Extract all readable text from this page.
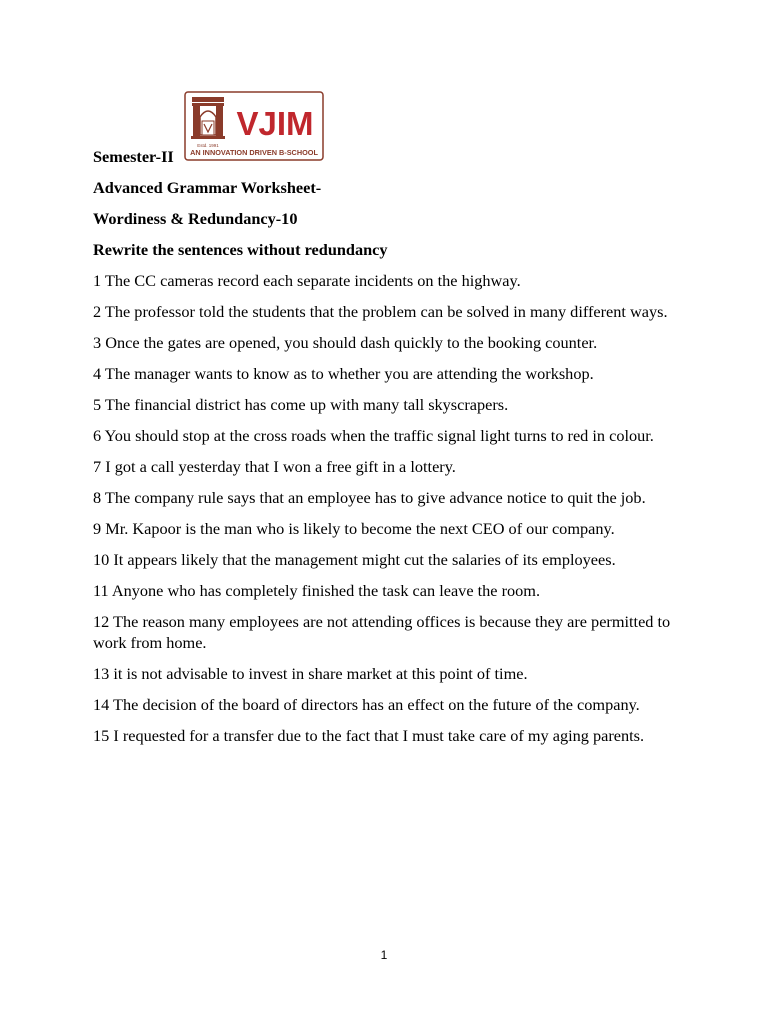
Estd. 1991
VJIM
AN INNOVATION DRIVEN B-SCHOOL

Semester-II

Advanced Grammar Worksheet-

Wordiness & Redundancy-10

Rewrite the sentences without redundancy

1 The CC cameras record each separate incidents on the highway.

2 The professor told the students that the problem can be solved in many different ways.

3 Once the gates are opened, you should dash quickly to the booking counter.

4 The manager wants to know as to whether you are attending the workshop.

5 The financial district has come up with many tall skyscrapers.

6 You should stop at the cross roads when the traffic signal light turns to red in colour.

7 I got a call yesterday that I won a free gift in a lottery.

8 The company rule says that an employee has to give advance notice to quit the job.

9 Mr. Kapoor is the man who is likely to become the next CEO of our company.

10 It appears likely that the management might cut the salaries of its employees.

11 Anyone who has completely finished the task can leave the room.

12 The reason many employees are not attending offices is because they are permitted to work from home.

13 it is not advisable to invest in share market at this point of time.

14 The decision of the board of directors has an effect on the future of the company.

15 I requested for a transfer due to the fact that I must take care of my aging parents.

1
